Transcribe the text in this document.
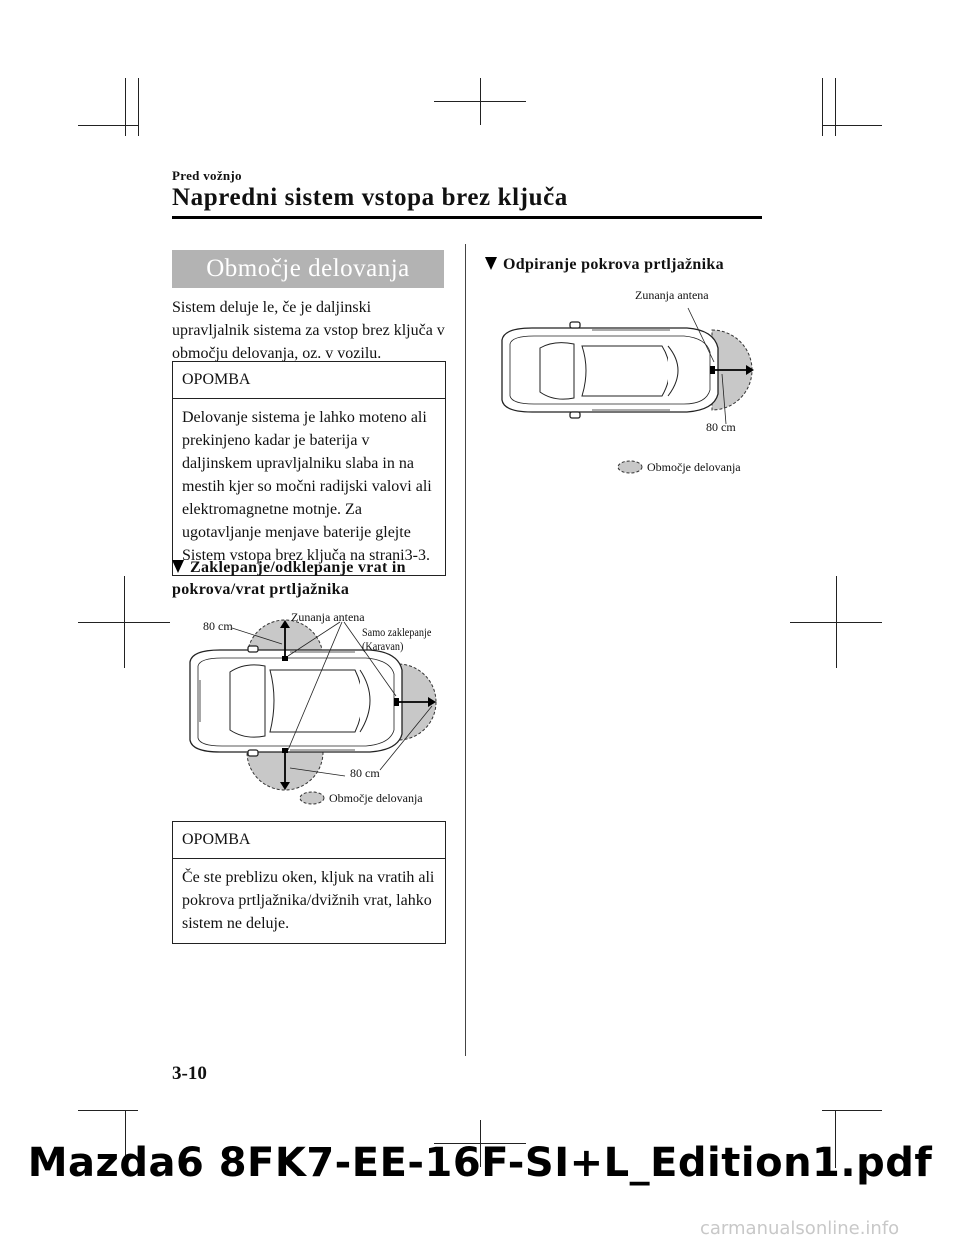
Pred vožnjo
Napredni sistem vstopa brez ključa
Območje delovanja
Sistem deluje le, če je daljinski upravljalnik sistema za vstop brez ključa v območju delovanja, oz. v vozilu.
OPOMBA
Delovanje sistema je lahko moteno ali prekinjeno kadar je baterija v daljinskem upravljalniku slaba in na mestih kjer so močni radijski valovi ali elektromagnetne motnje. Za ugotavljanje menjave baterije glejte Sistem vstopa brez ključa na strani3-3.
Zaklepanje/odklepanje vrat in pokrova/vrat prtljažnika
80 cm
Zunanja antena
Samo zaklepanje
(Karavan)
80 cm
Območje delovanja
OPOMBA
Če ste preblizu oken, kljuk na vratih ali pokrova prtljažnika/dvižnih vrat, lahko sistem ne deluje.
Odpiranje pokrova prtljažnika
Zunanja antena
80 cm
Območje delovanja
3-10
Mazda6 8FK7-EE-16F-SI+L_Edition1.pdf
carmanualsonline.info
